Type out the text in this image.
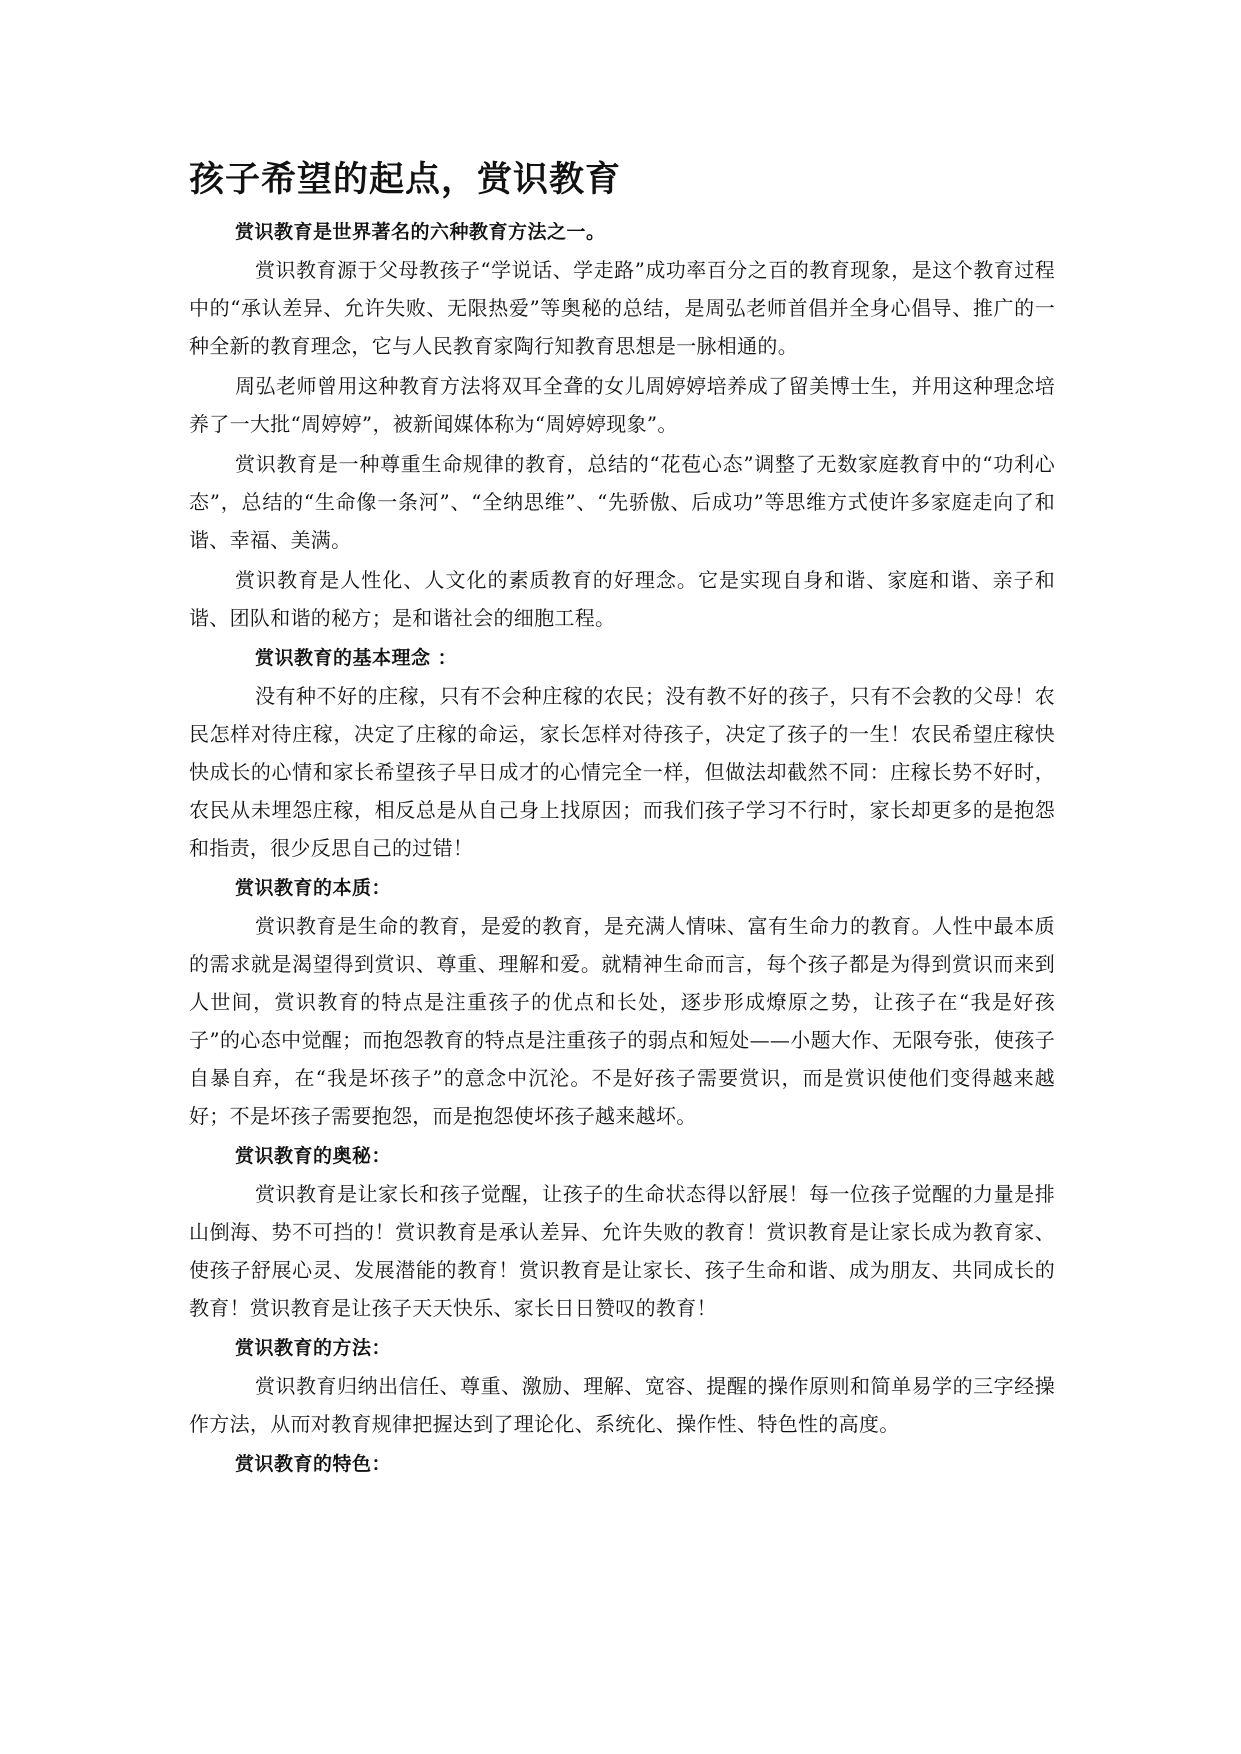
孩子希望的起点，赏识教育

赏识教育是世界著名的六种教育方法之一。

赏识教育源于父母教孩子“学说话、学走路”成功率百分之百的教育现象，是这个教育过程中的“承认差异、允许失败、无限热爱”等奥秘的总结，是周弘老师首倡并全身心倡导、推广的一种全新的教育理念，它与人民教育家陶行知教育思想是一脉相通的。

周弘老师曾用这种教育方法将双耳全聋的女儿周婷婷培养成了留美博士生，并用这种理念培养了一大批“周婷婷”，被新闻媒体称为“周婷婷现象”。

赏识教育是一种尊重生命规律的教育，总结的“花苞心态”调整了无数家庭教育中的“功利心态”，总结的“生命像一条河”、“全纳思维”、“先骄傲、后成功”等思维方式使许多家庭走向了和谐、幸福、美满。

赏识教育是人性化、人文化的素质教育的好理念。它是实现自身和谐、家庭和谐、亲子和谐、团队和谐的秘方；是和谐社会的细胞工程。

赏识教育的基本理念 ：

没有种不好的庄稼，只有不会种庄稼的农民；没有教不好的孩子，只有不会教的父母！农民怎样对待庄稼，决定了庄稼的命运，家长怎样对待孩子，决定了孩子的一生！农民希望庄稼快快成长的心情和家长希望孩子早日成才的心情完全一样，但做法却截然不同：庄稼长势不好时，农民从未埋怨庄稼，相反总是从自己身上找原因；而我们孩子学习不行时，家长却更多的是抱怨和指责，很少反思自己的过错！

赏识教育的本质：

赏识教育是生命的教育，是爱的教育，是充满人情味、富有生命力的教育。人性中最本质的需求就是渴望得到赏识、尊重、理解和爱。就精神生命而言，每个孩子都是为得到赏识而来到人世间，赏识教育的特点是注重孩子的优点和长处，逐步形成燎原之势，让孩子在“我是好孩子”的心态中觉醒；而抱怨教育的特点是注重孩子的弱点和短处——小题大作、无限夸张，使孩子自暴自弃，在“我是坏孩子”的意念中沉沦。不是好孩子需要赏识，而是赏识使他们变得越来越好；不是坏孩子需要抱怨，而是抱怨使坏孩子越来越坏。

赏识教育的奥秘：

赏识教育是让家长和孩子觉醒，让孩子的生命状态得以舒展！每一位孩子觉醒的力量是排山倒海、势不可挡的！赏识教育是承认差异、允许失败的教育！赏识教育是让家长成为教育家、使孩子舒展心灵、发展潜能的教育！赏识教育是让家长、孩子生命和谐、成为朋友、共同成长的教育！赏识教育是让孩子天天快乐、家长日日赞叹的教育！

赏识教育的方法：

赏识教育归纳出信任、尊重、激励、理解、宽容、提醒的操作原则和简单易学的三字经操作方法，从而对教育规律把握达到了理论化、系统化、操作性、特色性的高度。

赏识教育的特色：
